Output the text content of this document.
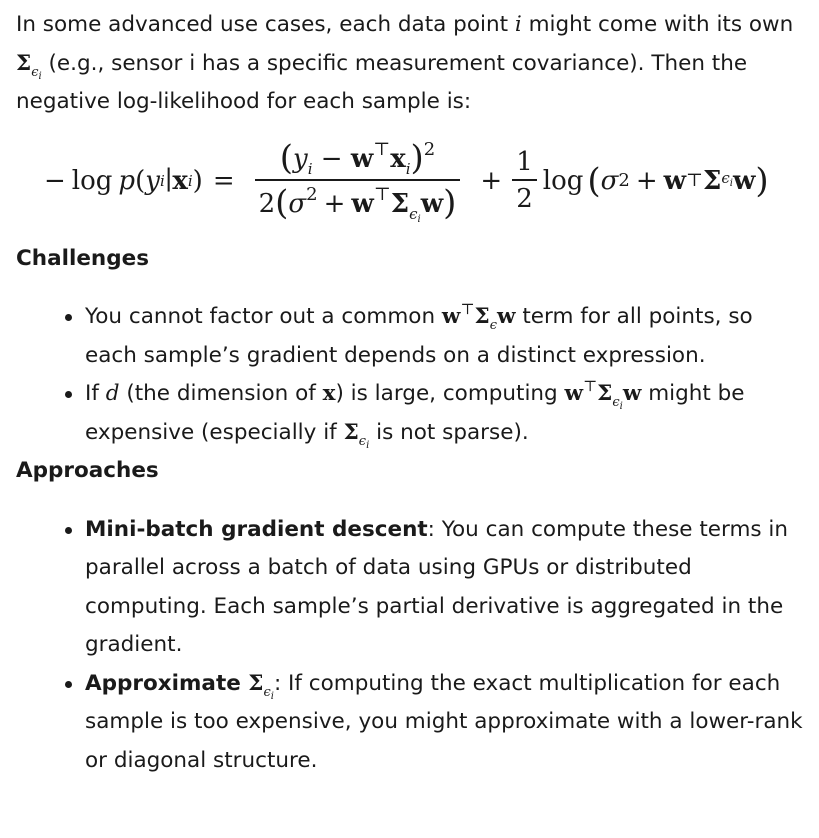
In some advanced use cases, each data point i might come with its own
$\Sigma_{\epsilon_i}$ (e.g., sensor i has a specific measurement covariance). Then the negative log-likelihood for each sample is:

− log p ( y i ∣ x i ) = $\frac{(y_i - w^⊤x_i)^2}{2(\sigma^2 + w^⊤\Sigma_{\epsilon_i}w)} + \frac{1}{2}$ log ( σ 2 + w ⊤ Σ $\epsilon_i$ w )

Challenges

You cannot factor out a common $w^⊤\Sigma_\epsilon w$ term for all points, so each sample’s gradient depends on a distinct expression.
If d (the dimension of x) is large, computing $w^⊤\Sigma_{\epsilon_i}w$ might be expensive (especially if $\Sigma_{\epsilon_i}$ is not sparse).

Approaches

Mini-batch gradient descent: You can compute these terms in parallel across a batch of data using GPUs or distributed computing. Each sample’s partial derivative is aggregated in the gradient.
Approximate $\Sigma_{\epsilon_i}$: If computing the exact multiplication for each sample is too expensive, you might approximate with a lower-rank or diagonal structure.
